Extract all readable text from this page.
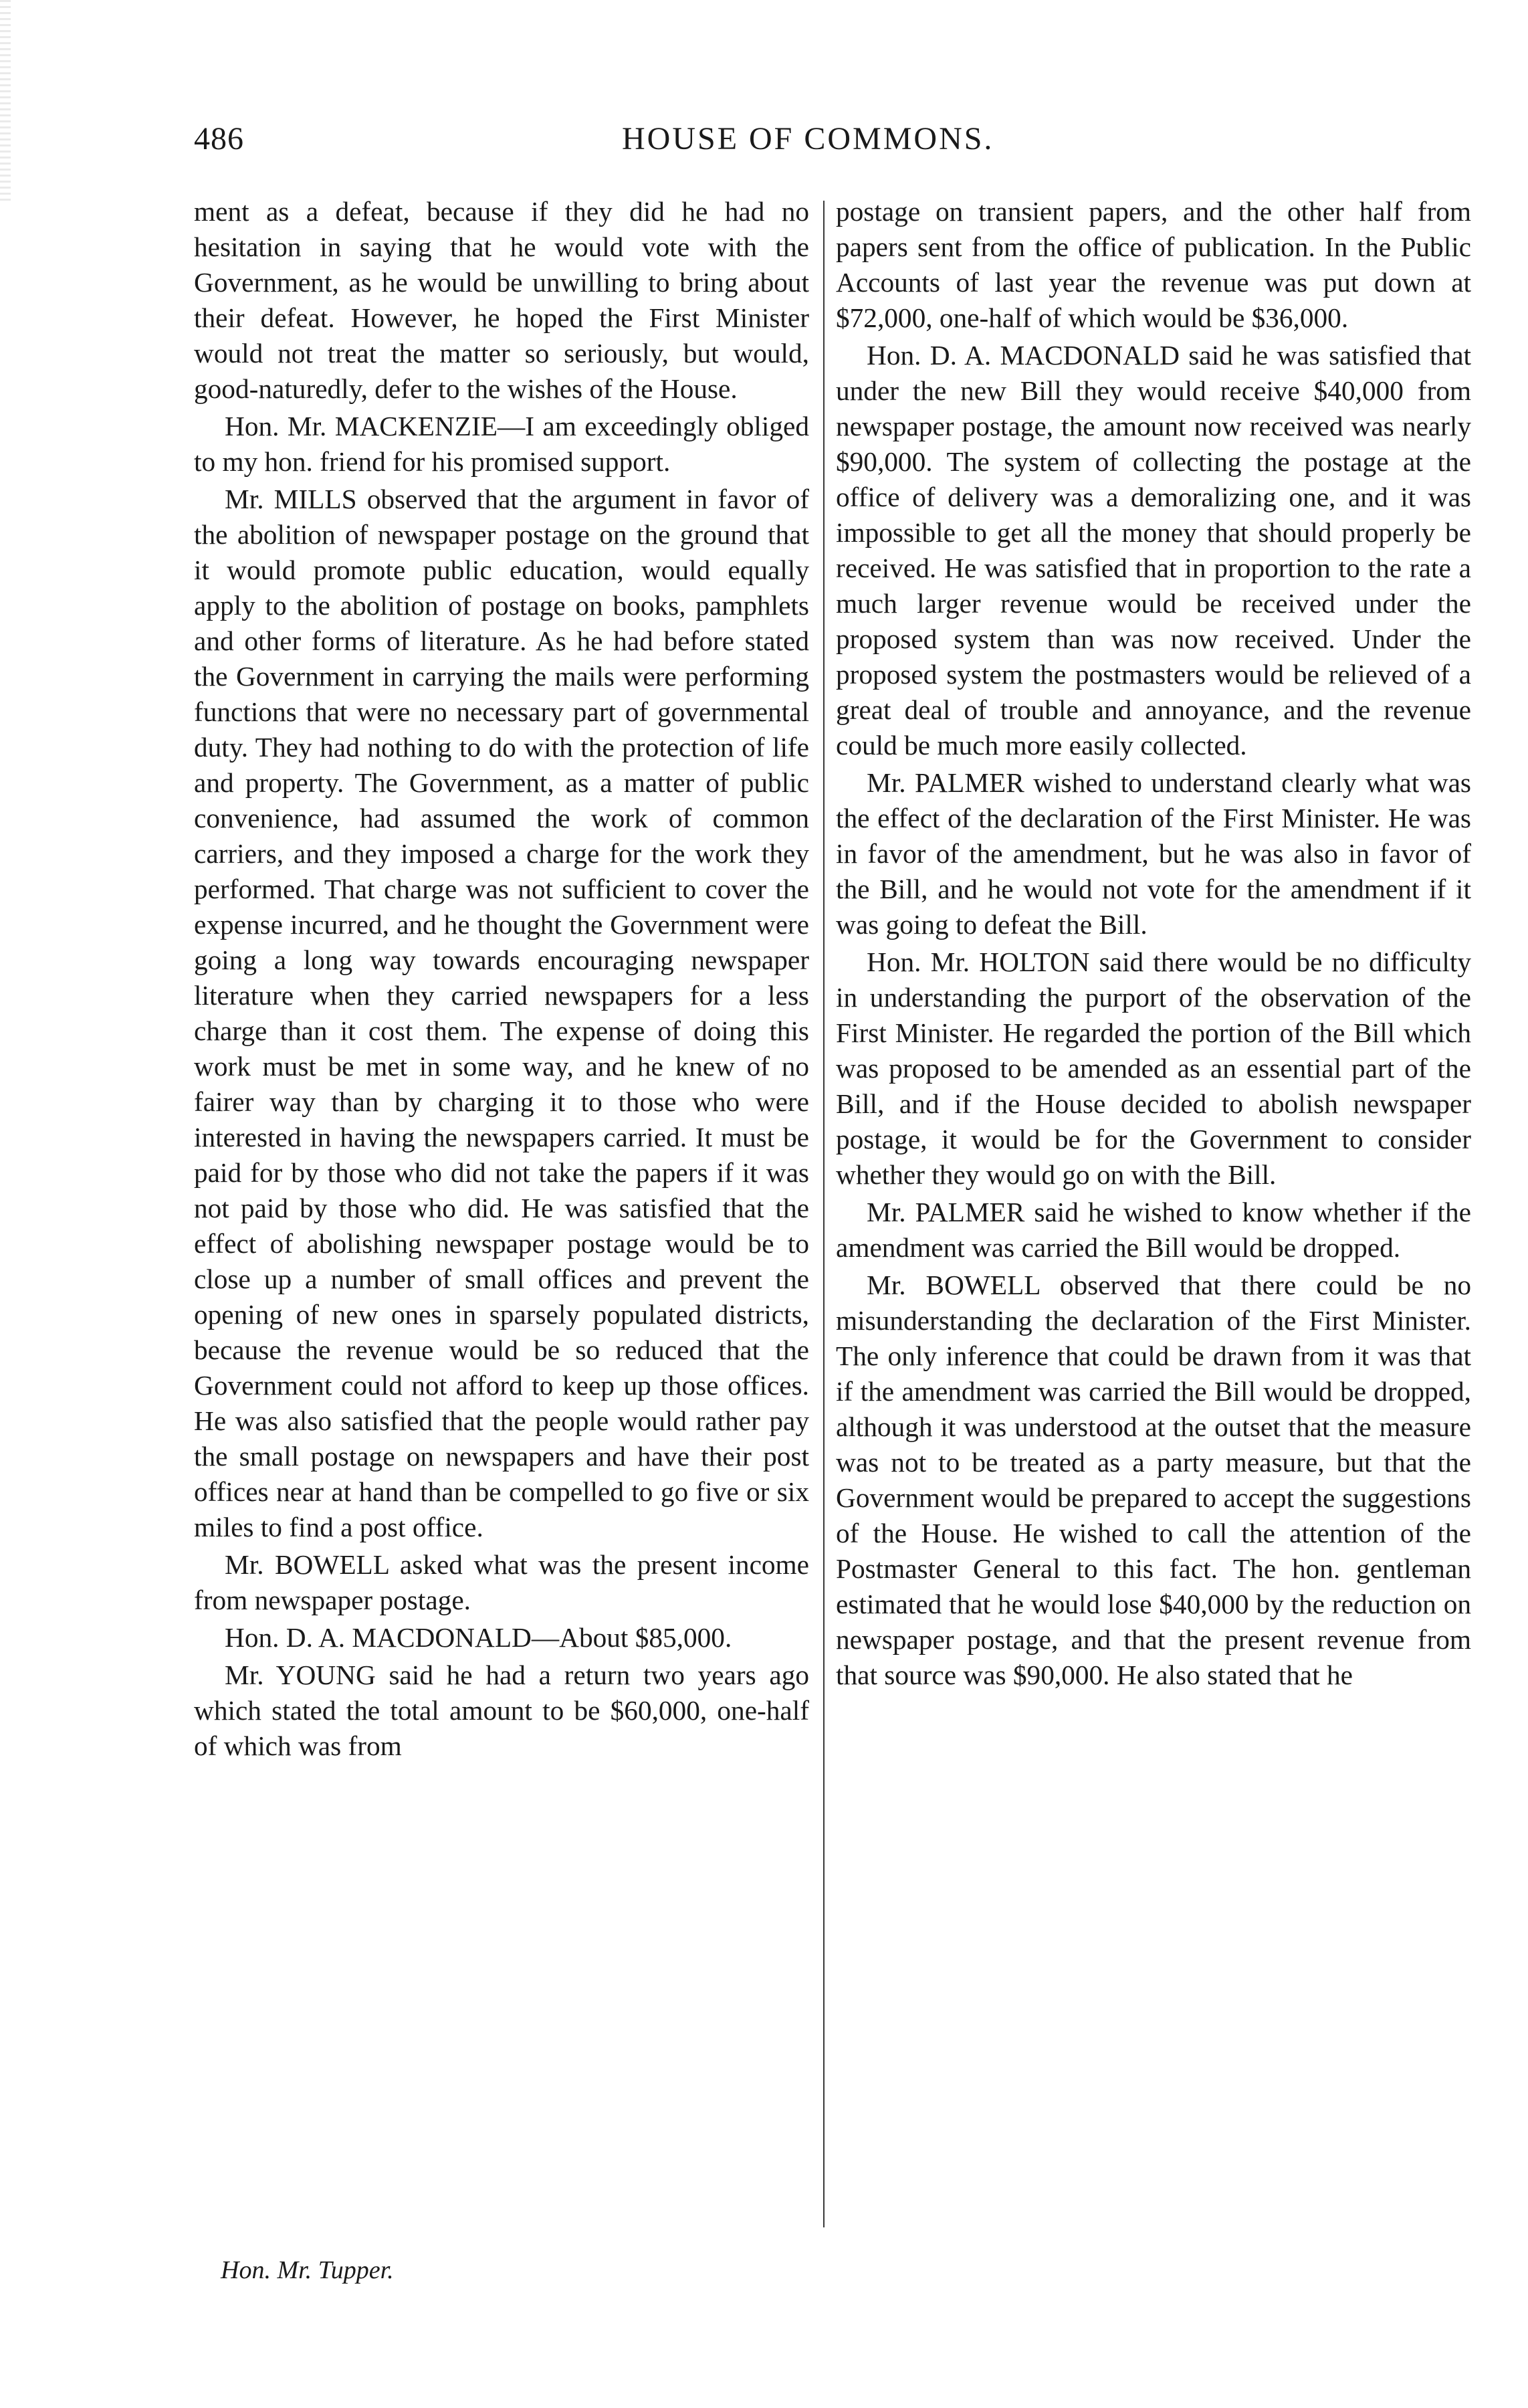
486	HOUSE OF COMMONS.

ment as a defeat, because if they did he had no hesitation in saying that he would vote with the Government, as he would be unwilling to bring about their defeat. However, he hoped the First Minister would not treat the matter so seriously, but would, good-naturedly, defer to the wishes of the House.

Hon. Mr. MACKENZIE—I am exceedingly obliged to my hon. friend for his promised support.

Mr. MILLS observed that the argument in favor of the abolition of newspaper postage on the ground that it would promote public education, would equally apply to the abolition of postage on books, pamphlets and other forms of literature. As he had before stated the Government in carrying the mails were performing functions that were no necessary part of governmental duty. They had nothing to do with the protection of life and property. The Government, as a matter of public convenience, had assumed the work of common carriers, and they imposed a charge for the work they performed. That charge was not sufficient to cover the expense incurred, and he thought the Government were going a long way towards encouraging newspaper literature when they carried newspapers for a less charge than it cost them. The expense of doing this work must be met in some way, and he knew of no fairer way than by charging it to those who were interested in having the newspapers carried. It must be paid for by those who did not take the papers if it was not paid by those who did. He was satisfied that the effect of abolishing newspaper postage would be to close up a number of small offices and prevent the opening of new ones in sparsely populated districts, because the revenue would be so reduced that the Government could not afford to keep up those offices. He was also satisfied that the people would rather pay the small postage on newspapers and have their post offices near at hand than be compelled to go five or six miles to find a post office.

Mr. BOWELL asked what was the present income from newspaper postage.

Hon. D. A. MACDONALD—About $85,000.

Mr. YOUNG said he had a return two years ago which stated the total amount to be $60,000, one-half of which was from

postage on transient papers, and the other half from papers sent from the office of publication. In the Public Accounts of last year the revenue was put down at $72,000, one-half of which would be $36,000.

Hon. D. A. MACDONALD said he was satisfied that under the new Bill they would receive $40,000 from newspaper postage, the amount now received was nearly $90,000. The system of collecting the postage at the office of delivery was a demoralizing one, and it was impossible to get all the money that should properly be received. He was satisfied that in proportion to the rate a much larger revenue would be received under the proposed system than was now received. Under the proposed system the postmasters would be relieved of a great deal of trouble and annoyance, and the revenue could be much more easily collected.

Mr. PALMER wished to understand clearly what was the effect of the declaration of the First Minister. He was in favor of the amendment, but he was also in favor of the Bill, and he would not vote for the amendment if it was going to defeat the Bill.

Hon. Mr. HOLTON said there would be no difficulty in understanding the purport of the observation of the First Minister. He regarded the portion of the Bill which was proposed to be amended as an essential part of the Bill, and if the House decided to abolish newspaper postage, it would be for the Government to consider whether they would go on with the Bill.

Mr. PALMER said he wished to know whether if the amendment was carried the Bill would be dropped.

Mr. BOWELL observed that there could be no misunderstanding the declaration of the First Minister. The only inference that could be drawn from it was that if the amendment was carried the Bill would be dropped, although it was understood at the outset that the measure was not to be treated as a party measure, but that the Government would be prepared to accept the suggestions of the House. He wished to call the attention of the Postmaster General to this fact. The hon. gentleman estimated that he would lose $40,000 by the reduction on newspaper postage, and that the present revenue from that source was $90,000. He also stated that he

Hon. Mr. Tupper.
